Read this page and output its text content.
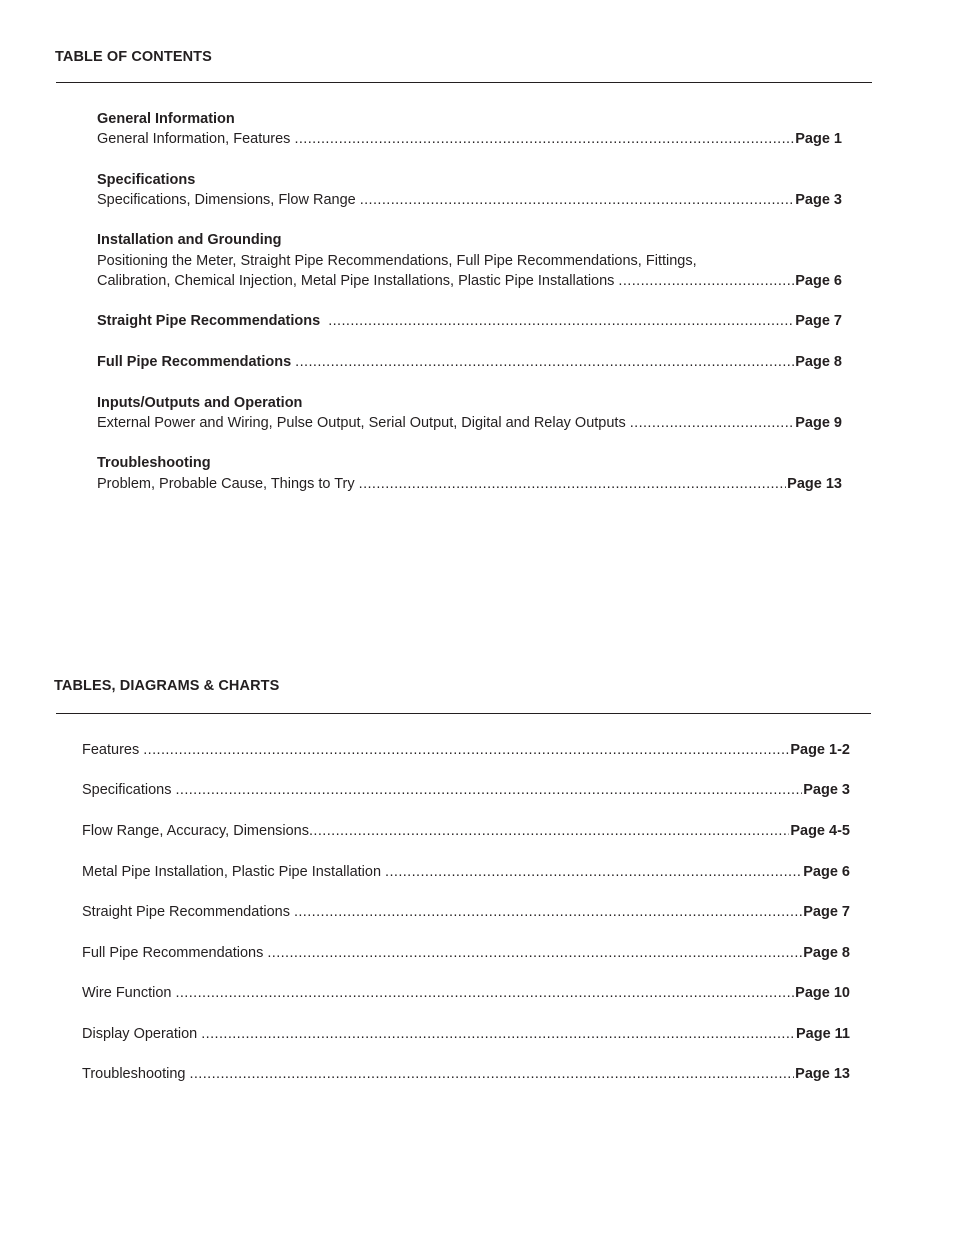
TABLE OF CONTENTS
General Information
General Information, Features .....	Page 1
Specifications
Specifications, Dimensions, Flow Range .....	Page 3
Installation and Grounding
Positioning the Meter, Straight Pipe Recommendations, Full Pipe Recommendations, Fittings,
Calibration, Chemical Injection, Metal Pipe Installations, Plastic Pipe Installations .....	Page 6
Straight Pipe Recommendations .....	Page 7
Full Pipe Recommendations .....	Page 8
Inputs/Outputs and Operation
External Power and Wiring, Pulse Output, Serial Output, Digital and Relay Outputs .....	Page 9
Troubleshooting
Problem, Probable Cause, Things to Try .....	Page 13
TABLES, DIAGRAMS & CHARTS
Features .....	Page 1-2
Specifications .....	Page 3
Flow Range, Accuracy, Dimensions .....	Page 4-5
Metal Pipe Installation, Plastic Pipe Installation .....	Page 6
Straight Pipe Recommendations .....	Page 7
Full Pipe Recommendations .....	Page 8
Wire Function .....	Page 10
Display Operation .....	Page 11
Troubleshooting .....	Page 13
